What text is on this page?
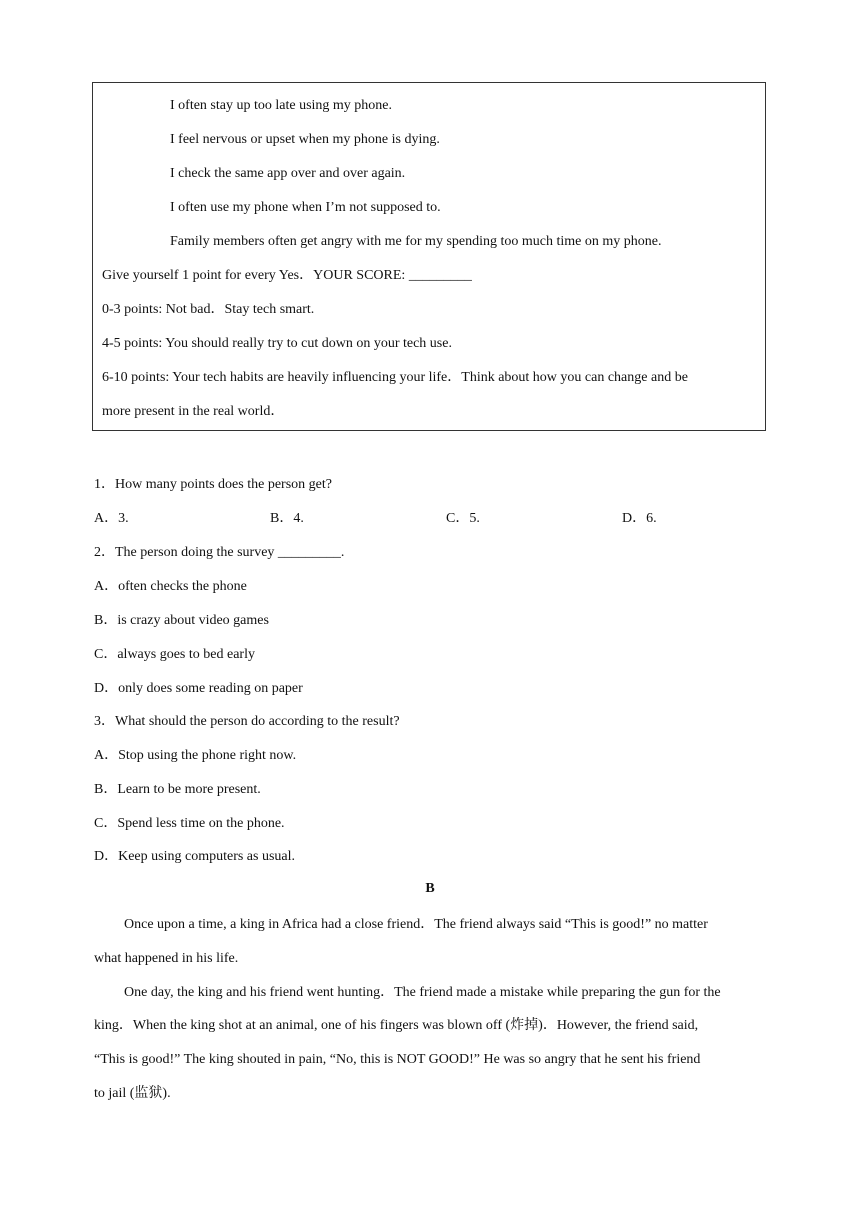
I often stay up too late using my phone.
I feel nervous or upset when my phone is dying.
I check the same app over and over again.
I often use my phone when I’m not supposed to.
Family members often get angry with me for my spending too much time on my phone.
Give yourself 1 point for every Yes．YOUR SCORE: _________
0-3 points: Not bad．Stay tech smart.
4-5 points: You should really try to cut down on your tech use.
6-10 points: Your tech habits are heavily influencing your life．Think about how you can change and be
more present in the real world．
1．How many points does the person get?
A．3.	B．4.	C．5.	D．6.
2．The person doing the survey _________.
A．often checks the phone
B．is crazy about video games
C．always goes to bed early
D．only does some reading on paper
3．What should the person do according to the result?
A．Stop using the phone right now.
B．Learn to be more present.
C．Spend less time on the phone.
D．Keep using computers as usual.
B
Once upon a time, a king in Africa had a close friend．The friend always said “This is good!” no matter
what happened in his life.
One day, the king and his friend went hunting．The friend made a mistake while preparing the gun for the
king．When the king shot at an animal, one of his fingers was blown off (炸掉)．However, the friend said,
“This is good!” The king shouted in pain, “No, this is NOT GOOD!” He was so angry that he sent his friend
to jail (监狱).
